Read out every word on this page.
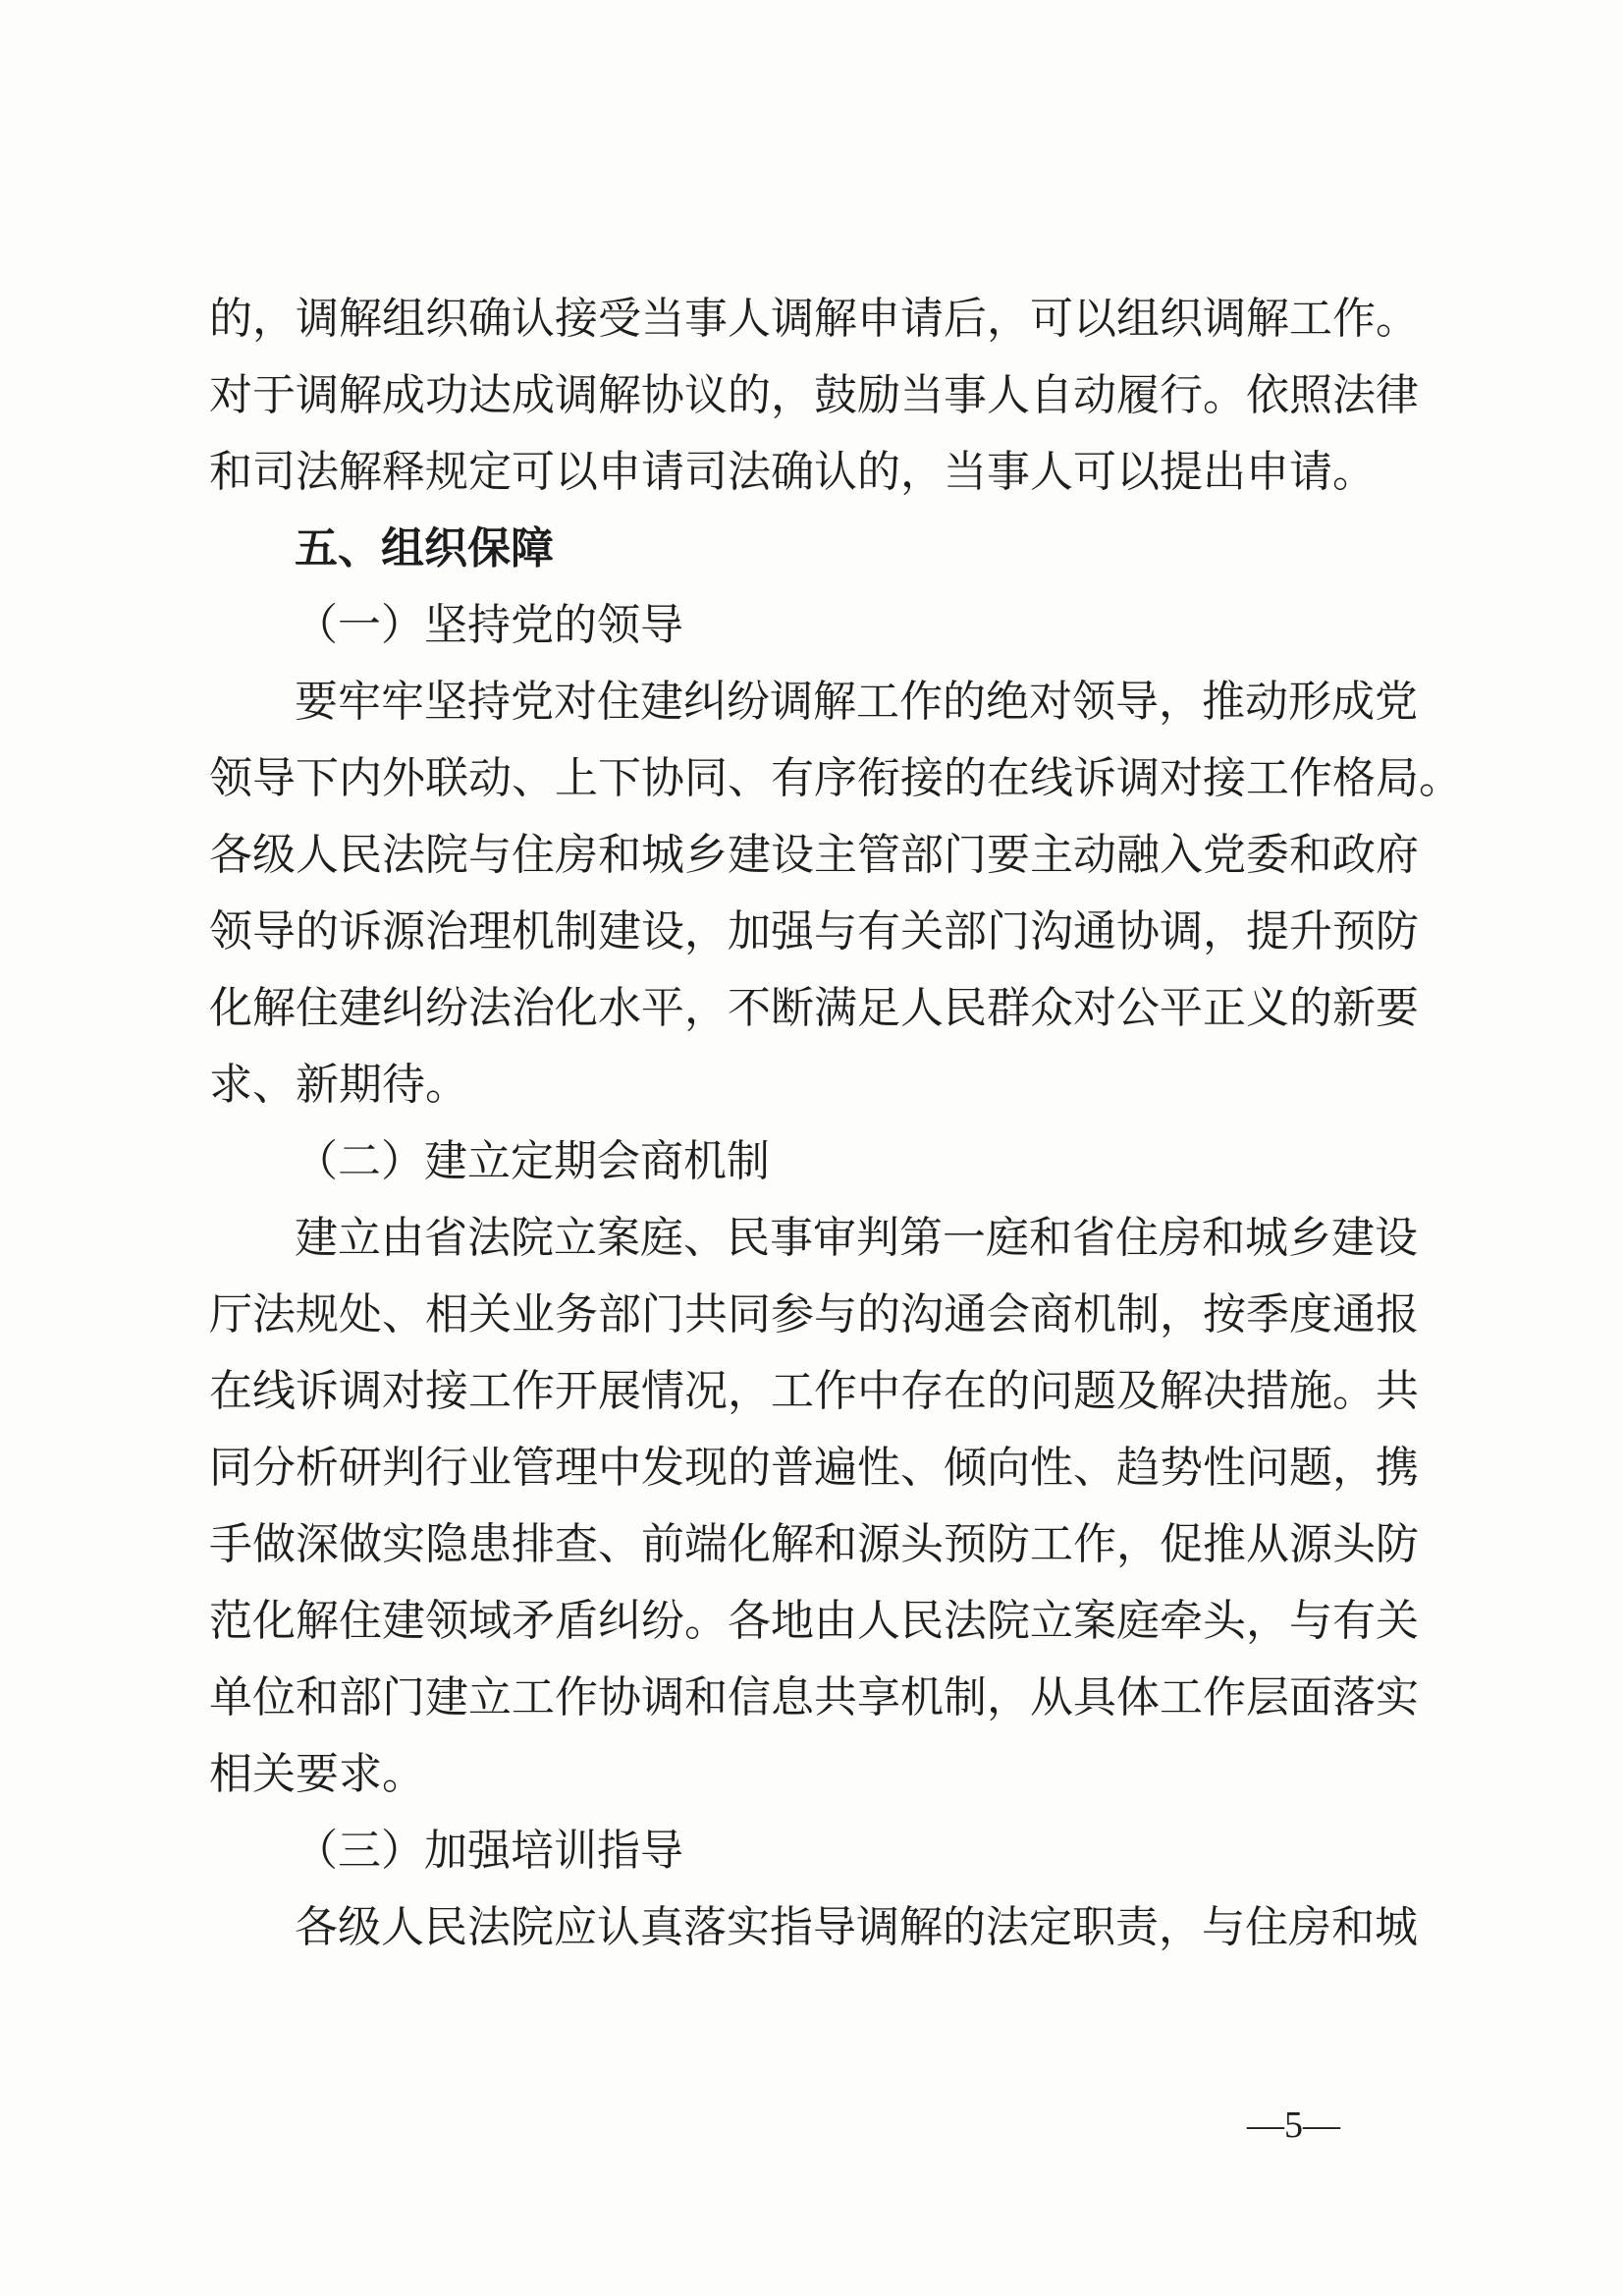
的，调解组织确认接受当事人调解申请后，可以组织调解工作。
对于调解成功达成调解协议的，鼓励当事人自动履行。依照法律
和司法解释规定可以申请司法确认的，当事人可以提出申请。
五、组织保障
（一）坚持党的领导
要牢牢坚持党对住建纠纷调解工作的绝对领导，推动形成党
领导下内外联动、上下协同、有序衔接的在线诉调对接工作格局。
各级人民法院与住房和城乡建设主管部门要主动融入党委和政府
领导的诉源治理机制建设，加强与有关部门沟通协调，提升预防
化解住建纠纷法治化水平，不断满足人民群众对公平正义的新要
求、新期待。
（二）建立定期会商机制
建立由省法院立案庭、民事审判第一庭和省住房和城乡建设
厅法规处、相关业务部门共同参与的沟通会商机制，按季度通报
在线诉调对接工作开展情况，工作中存在的问题及解决措施。共
同分析研判行业管理中发现的普遍性、倾向性、趋势性问题，携
手做深做实隐患排查、前端化解和源头预防工作，促推从源头防
范化解住建领域矛盾纠纷。各地由人民法院立案庭牵头，与有关
单位和部门建立工作协调和信息共享机制，从具体工作层面落实
相关要求。
（三）加强培训指导
各级人民法院应认真落实指导调解的法定职责，与住房和城
—5—
